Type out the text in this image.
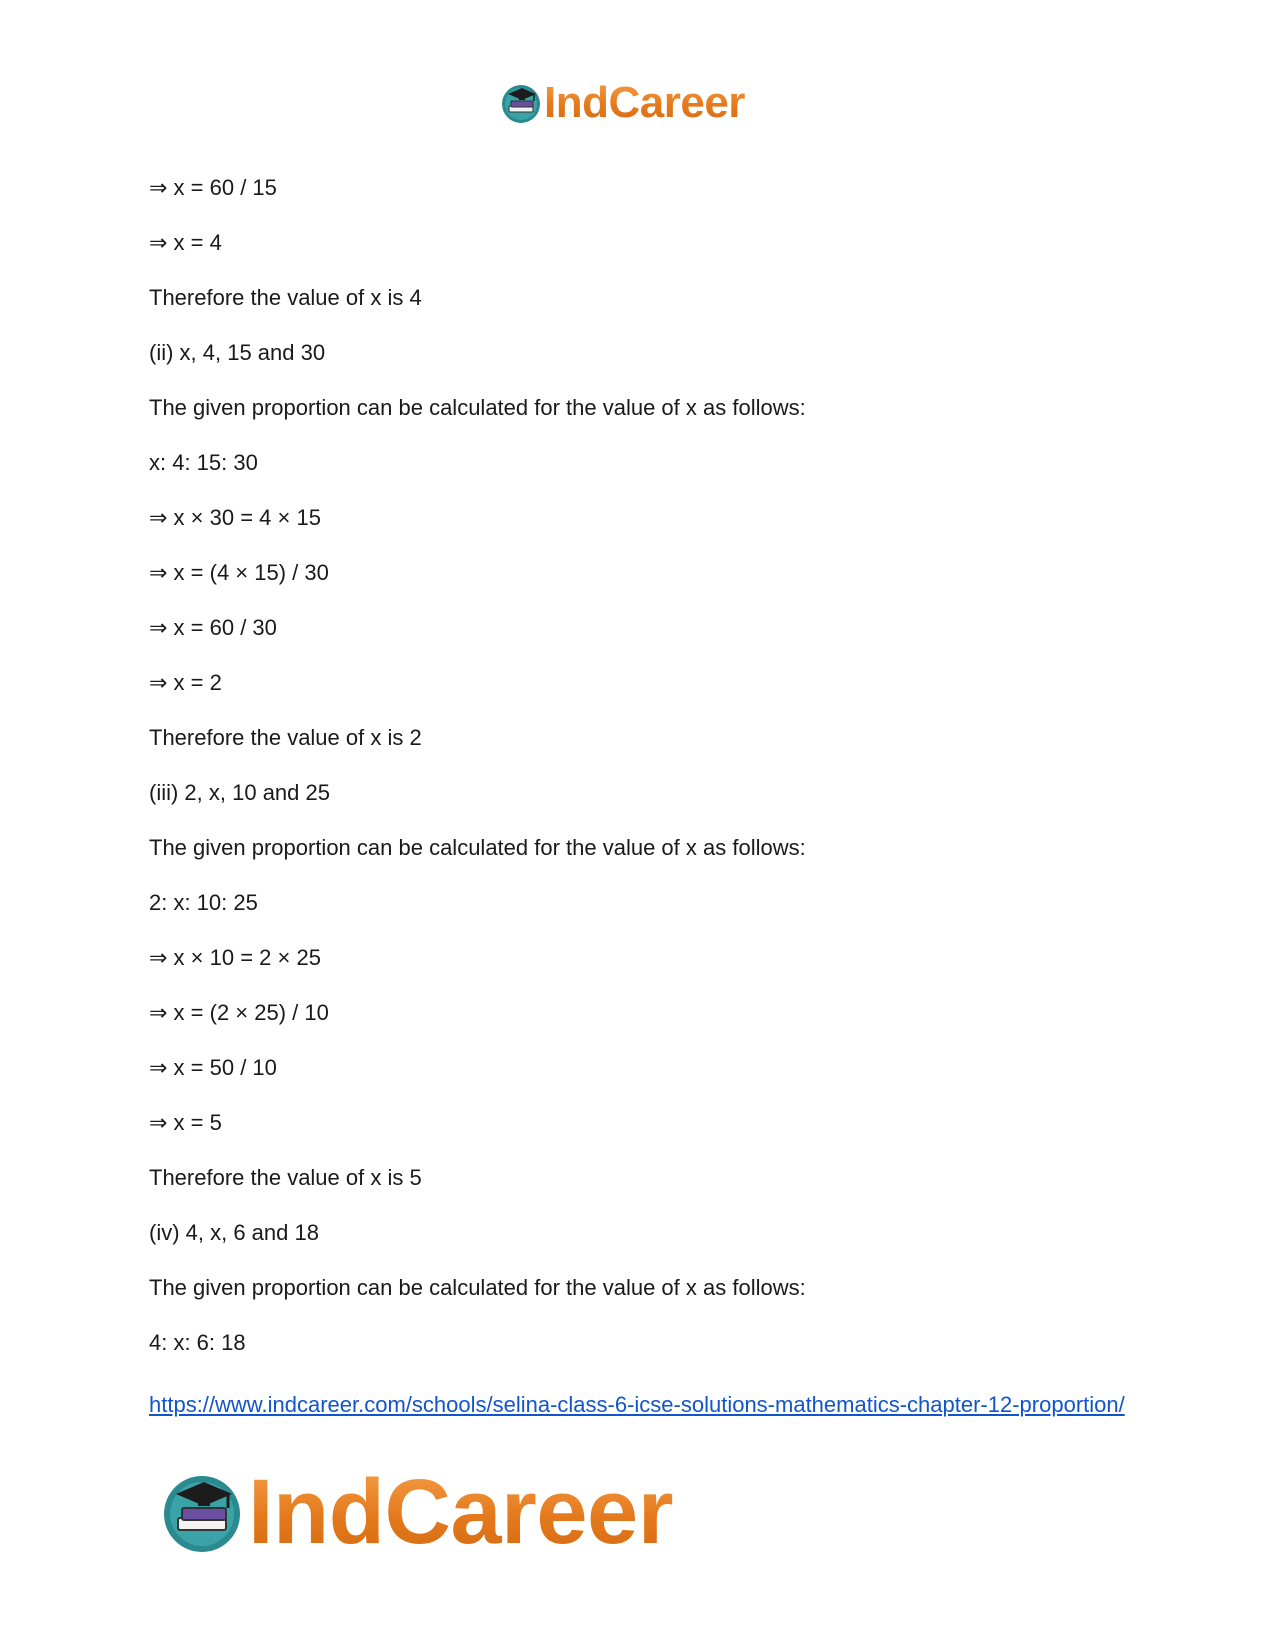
IndCareer

⇒ x = 60 / 15

⇒ x = 4

Therefore the value of x is 4

(ii) x, 4, 15 and 30

The given proportion can be calculated for the value of x as follows:

x: 4: 15: 30

⇒ x × 30 = 4 × 15

⇒ x = (4 × 15) / 30

⇒ x = 60 / 30

⇒ x = 2

Therefore the value of x is 2

(iii) 2, x, 10 and 25

The given proportion can be calculated for the value of x as follows:

2: x: 10: 25

⇒ x × 10 = 2 × 25

⇒ x = (2 × 25) / 10

⇒ x = 50 / 10

⇒ x = 5

Therefore the value of x is 5

(iv) 4, x, 6 and 18

The given proportion can be calculated for the value of x as follows:

4: x: 6: 18

https://www.indcareer.com/schools/selina-class-6-icse-solutions-mathematics-chapter-12-proportion/
IndCareer
